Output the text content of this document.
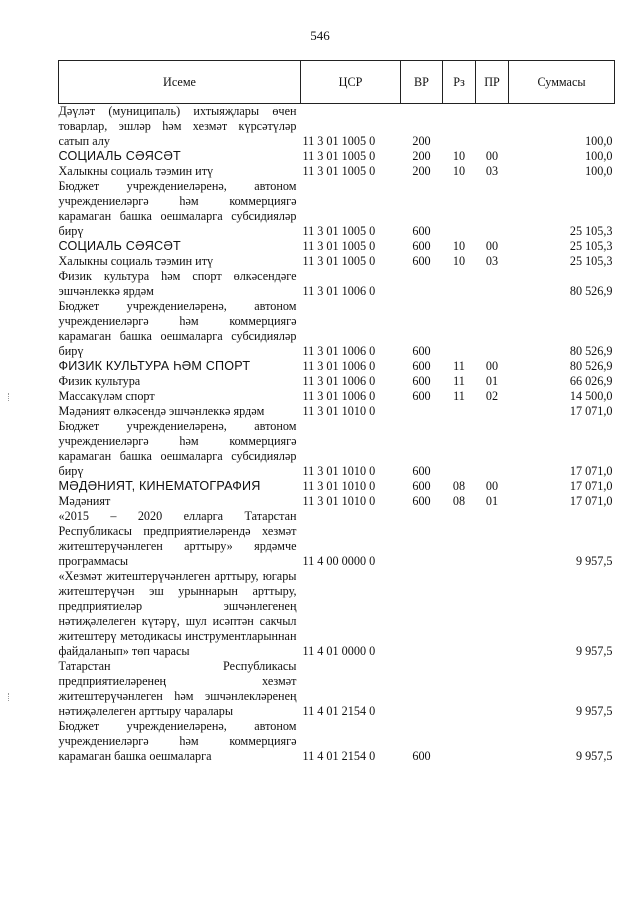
546
Исеме	ЦСР	ВР	Рз	ПР	Суммасы
Дәүләт (муниципаль) ихтыяҗлары өчен товарлар, эшләр һәм хезмәт күрсәтүләр сатып алу	11 3 01 1005 0	200			100,0
СОЦИАЛЬ СӘЯСӘТ	11 3 01 1005 0	200	10	00	100,0
Халыкны социаль тәэмин итү	11 3 01 1005 0	200	10	03	100,0
Бюджет учреждениеләренә, автоном учреждениеләргә һәм коммерциягә карамаган башка оешмаларга субсидияләр бирү	11 3 01 1005 0	600			25 105,3
СОЦИАЛЬ СӘЯСӘТ	11 3 01 1005 0	600	10	00	25 105,3
Халыкны социаль тәэмин итү	11 3 01 1005 0	600	10	03	25 105,3
Физик культура һәм спорт өлкәсендәге эшчәнлеккә ярдәм	11 3 01 1006 0				80 526,9
Бюджет учреждениеләренә, автоном учреждениеләргә һәм коммерциягә карамаган башка оешмаларга субсидияләр бирү	11 3 01 1006 0	600			80 526,9
ФИЗИК КУЛЬТУРА ҺӘМ СПОРТ	11 3 01 1006 0	600	11	00	80 526,9
Физик культура	11 3 01 1006 0	600	11	01	66 026,9
Массакүләм спорт	11 3 01 1006 0	600	11	02	14 500,0
Мәдәният өлкәсендә эшчәнлеккә ярдәм	11 3 01 1010 0				17 071,0
Бюджет учреждениеләренә, автоном учреждениеләргә һәм коммерциягә карамаган башка оешмаларга субсидияләр бирү	11 3 01 1010 0	600			17 071,0
МӘДӘНИЯТ, КИНЕМАТОГРАФИЯ	11 3 01 1010 0	600	08	00	17 071,0
Мәдәният	11 3 01 1010 0	600	08	01	17 071,0
«2015 – 2020 елларга Татарстан Республикасы предприятиеләрендә хезмәт житештерүчәнлеген арттыру» ярдәмче программасы	11 4 00 0000 0				9 957,5
«Хезмәт житештерүчәнлеген арттыру, югары житештерүчән эш урыннарын арттыру, предприятиеләр эшчәнлегенең нәтиҗәлелеген күтәрү, шул исәптән сакчыл житештерү методикасы инструментларыннан файдаланып» төп чарасы	11 4 01 0000 0				9 957,5
Татарстан Республикасы предприятиеләренең хезмәт житештерүчәнлеген һәм эшчәнлекләренең нәтиҗәлелеген арттыру чаралары	11 4 01 2154 0				9 957,5
Бюджет учреждениеләренә, автоном учреждениеләргә һәм коммерциягә карамаган башка оешмаларга	11 4 01 2154 0	600			9 957,5
